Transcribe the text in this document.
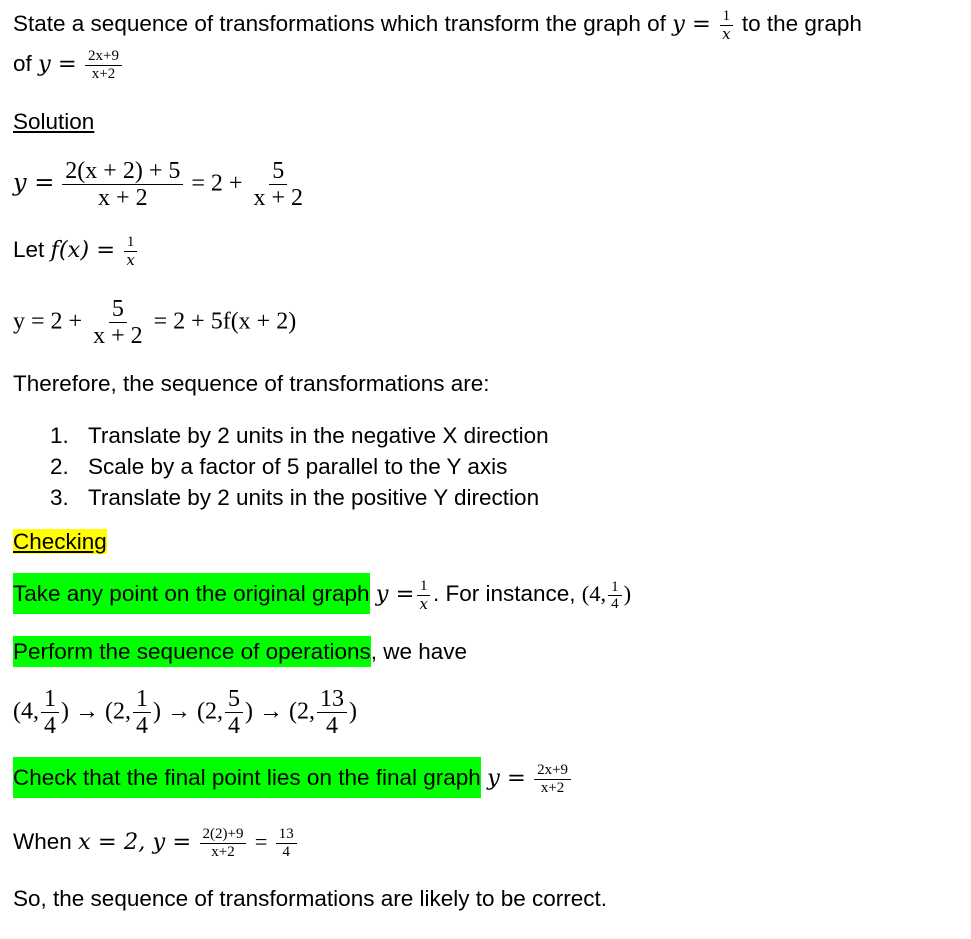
State a sequence of transformations which transform the graph of $y = \frac{1}{x}$ to the graph
of $y = \frac{2x+9}{x+2}$
Solution
$y = \frac{2(x + 2) + 5}{x + 2} = 2 + \frac{5}{x + 2}$
Let $f(x) = \frac{1}{x}$
$y = 2 + \frac{5}{x + 2} = 2 + 5f(x + 2)$
Therefore, the sequence of transformations are:
1. Translate by 2 units in the negative X direction
2. Scale by a factor of 5 parallel to the Y axis
3. Translate by 2 units in the positive Y direction
Checking
Take any point on the original graph $y = \frac{1}{x}$ . For instance, (4, $\frac{1}{4}$ )
Perform the sequence of operations, we have
(4, $\frac{1}{4}$ ) → (2, $\frac{1}{4}$ ) → (2, $\frac{5}{4}$ ) → (2, $\frac{13}{4}$ )
Check that the final point lies on the final graph $y = \frac{2x+9}{x+2}$
When x = 2, $y = \frac{2(2)+9}{x+2} = \frac{13}{4}$
So, the sequence of transformations are likely to be correct.
